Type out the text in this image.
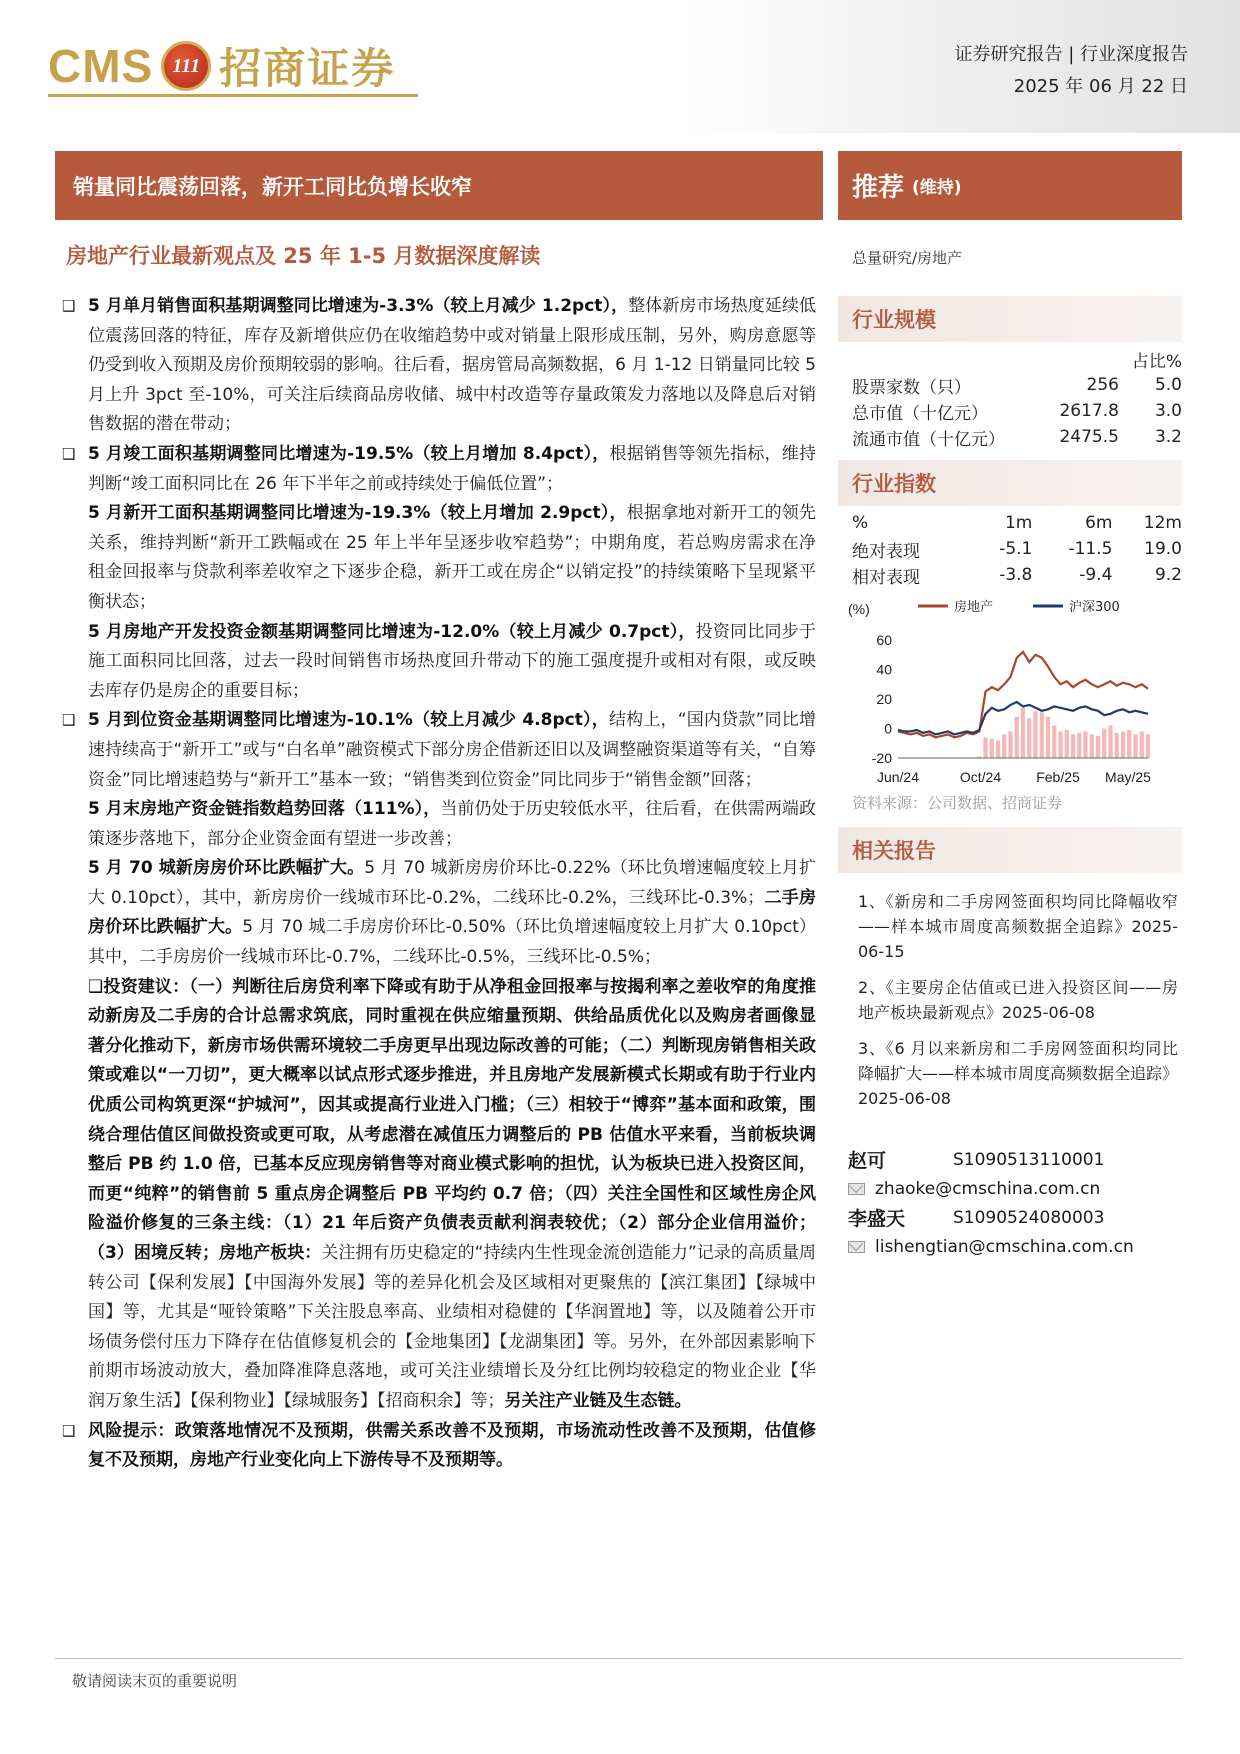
CMS 111 招商证券	证券研究报告 | 行业深度报告
2025 年 06 月 22 日
销量同比震荡回落，新开工同比负增长收窄	推荐 (维持)
房地产行业最新观点及 25 年 1-5 月数据深度解读
❑ 5 月单月销售面积基期调整同比增速为-3.3%（较上月减少 1.2pct），整体新房市场热度延续低位震荡回落的特征，库存及新增供应仍在收缩趋势中或对销量上限形成压制，另外，购房意愿等仍受到收入预期及房价预期较弱的影响。往后看，据房管局高频数据，6 月 1-12 日销量同比较 5 月上升 3pct 至-10%，可关注后续商品房收储、城中村改造等存量政策发力落地以及降息后对销售数据的潜在带动；
❑ 5 月竣工面积基期调整同比增速为-19.5%（较上月增加 8.4pct），根据销售等领先指标，维持判断“竣工面积同比在 26 年下半年之前或持续处于偏低位置”；
5 月新开工面积基期调整同比增速为-19.3%（较上月增加 2.9pct），根据拿地对新开工的领先关系，维持判断“新开工跌幅或在 25 年上半年呈逐步收窄趋势”；中期角度，若总购房需求在净租金回报率与贷款利率差收窄之下逐步企稳，新开工或在房企“以销定投”的持续策略下呈现紧平衡状态；
5 月房地产开发投资金额基期调整同比增速为-12.0%（较上月减少 0.7pct），投资同比同步于施工面积同比回落，过去一段时间销售市场热度回升带动下的施工强度提升或相对有限，或反映去库存仍是房企的重要目标；
❑ 5 月到位资金基期调整同比增速为-10.1%（较上月减少 4.8pct），结构上，“国内贷款”同比增速持续高于“新开工”或与“白名单”融资模式下部分房企借新还旧以及调整融资渠道等有关，“自筹资金”同比增速趋势与“新开工”基本一致；“销售类到位资金”同比同步于“销售金额”回落；
5 月末房地产资金链指数趋势回落（111%），当前仍处于历史较低水平，往后看，在供需两端政策逐步落地下，部分企业资金面有望进一步改善；
5 月 70 城新房房价环比跌幅扩大。5 月 70 城新房房价环比-0.22%（环比负增速幅度较上月扩大 0.10pct），其中，新房房价一线城市环比-0.2%，二线环比-0.2%，三线环比-0.3%；二手房房价环比跌幅扩大。5 月 70 城二手房房价环比-0.50%（环比负增速幅度较上月扩大 0.10pct）其中，二手房房价一线城市环比-0.7%，二线环比-0.5%，三线环比-0.5%；
❑投资建议：（一）判断往后房贷利率下降或有助于从净租金回报率与按揭利率之差收窄的角度推动新房及二手房的合计总需求筑底，同时重视在供应缩量预期、供给品质优化以及购房者画像显著分化推动下，新房市场供需环境较二手房更早出现边际改善的可能；（二）判断现房销售相关政策或难以“一刀切”，更大概率以试点形式逐步推进，并且房地产发展新模式长期或有助于行业内优质公司构筑更深“护城河”，因其或提高行业进入门槛；（三）相较于“博弈”基本面和政策，围绕合理估值区间做投资或更可取，从考虑潜在减值压力调整后的 PB 估值水平来看，当前板块调整后 PB 约 1.0 倍，已基本反应现房销售等对商业模式影响的担忧，认为板块已进入投资区间，而更“纯粹”的销售前 5 重点房企调整后 PB 平均约 0.7 倍；（四）关注全国性和区域性房企风险溢价修复的三条主线：（1）21 年后资产负债表贡献利润表较优；（2）部分企业信用溢价；（3）困境反转；房地产板块：关注拥有历史稳定的“持续内生性现金流创造能力”记录的高质量周转公司【保利发展】【中国海外发展】等的差异化机会及区域相对更聚焦的【滨江集团】【绿城中国】等，尤其是“哑铃策略”下关注股息率高、业绩相对稳健的【华润置地】等，以及随着公开市场债务偿付压力下降存在估值修复机会的【金地集团】【龙湖集团】等。另外，在外部因素影响下前期市场波动放大，叠加降准降息落地，或可关注业绩增长及分红比例均较稳定的物业企业【华润万象生活】【保利物业】【绿城服务】【招商积余】等；另关注产业链及生态链。
❑ 风险提示：政策落地情况不及预期，供需关系改善不及预期，市场流动性改善不及预期，估值修复不及预期，房地产行业变化向上下游传导不及预期等。
总量研究/房地产
行业规模
		占比%
股票家数（只）	256	5.0
总市值（十亿元）	2617.8	3.0
流通市值（十亿元）	2475.5	3.2
行业指数
%	1m	6m	12m
绝对表现	-5.1	-11.5	19.0
相对表现	-3.8	-9.4	9.2
(%)	房地产	沪深300
60
40
20
0
-20
Jun/24	Oct/24	Feb/25 May/25
资料来源：公司数据、招商证券
相关报告
1、《新房和二手房网签面积均同比降幅收窄——样本城市周度高频数据全追踪》2025-06-15
2、《主要房企估值或已进入投资区间——房地产板块最新观点》2025-06-08
3、《6 月以来新房和二手房网签面积均同比降幅扩大——样本城市周度高频数据全追踪》2025-06-08
赵可	S1090513110001
zhaoke@cmschina.com.cn
李盛天	S1090524080003
lishengtian@cmschina.com.cn
敬请阅读末页的重要说明
